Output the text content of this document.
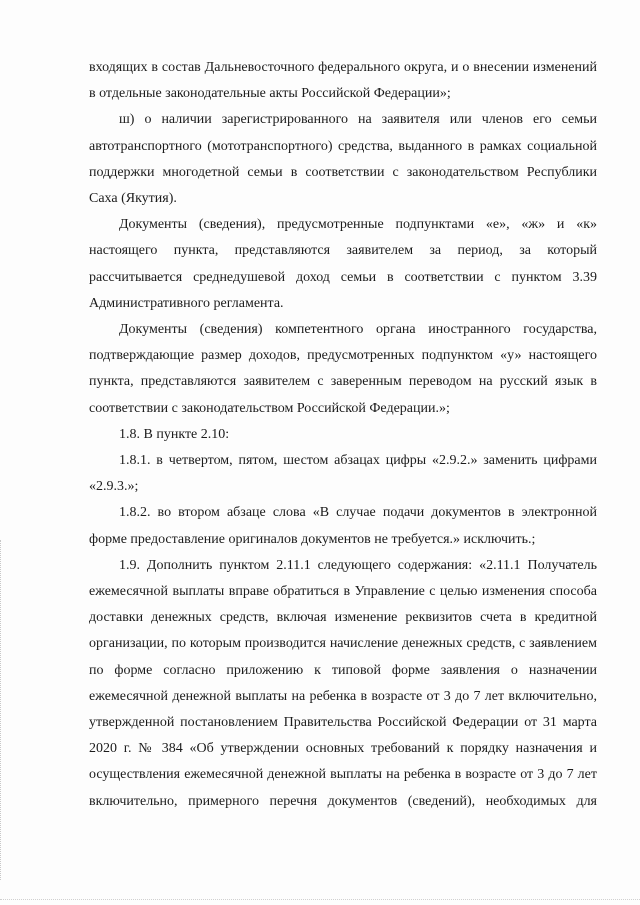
входящих в состав Дальневосточного федерального округа, и о внесении изменений в отдельные законодательные акты Российской Федерации»;

ш) о наличии зарегистрированного на заявителя или членов его семьи автотранспортного (мототранспортного) средства, выданного в рамках социальной поддержки многодетной семьи в соответствии с законодательством Республики Саха (Якутия).

Документы (сведения), предусмотренные подпунктами «е», «ж» и «к» настоящего пункта, представляются заявителем за период, за который рассчитывается среднедушевой доход семьи в соответствии с пунктом 3.39 Административного регламента.

Документы (сведения) компетентного органа иностранного государства, подтверждающие размер доходов, предусмотренных подпунктом «у» настоящего пункта, представляются заявителем с заверенным переводом на русский язык в соответствии с законодательством Российской Федерации.»;

1.8. В пункте 2.10:

1.8.1. в четвертом, пятом, шестом абзацах цифры «2.9.2.» заменить цифрами «2.9.3.»;

1.8.2. во втором абзаце слова «В случае подачи документов в электронной форме предоставление оригиналов документов не требуется.» исключить.;

1.9. Дополнить пунктом 2.11.1 следующего содержания: «2.11.1 Получатель ежемесячной выплаты вправе обратиться в Управление с целью изменения способа доставки денежных средств, включая изменение реквизитов счета в кредитной организации, по которым производится начисление денежных средств, с заявлением по форме согласно приложению к типовой форме заявления о назначении ежемесячной денежной выплаты на ребенка в возрасте от 3 до 7 лет включительно, утвержденной постановлением Правительства Российской Федерации от 31 марта 2020 г. № 384 «Об утверждении основных требований к порядку назначения и осуществления ежемесячной денежной выплаты на ребенка в возрасте от 3 до 7 лет включительно, примерного перечня документов (сведений), необходимых для
